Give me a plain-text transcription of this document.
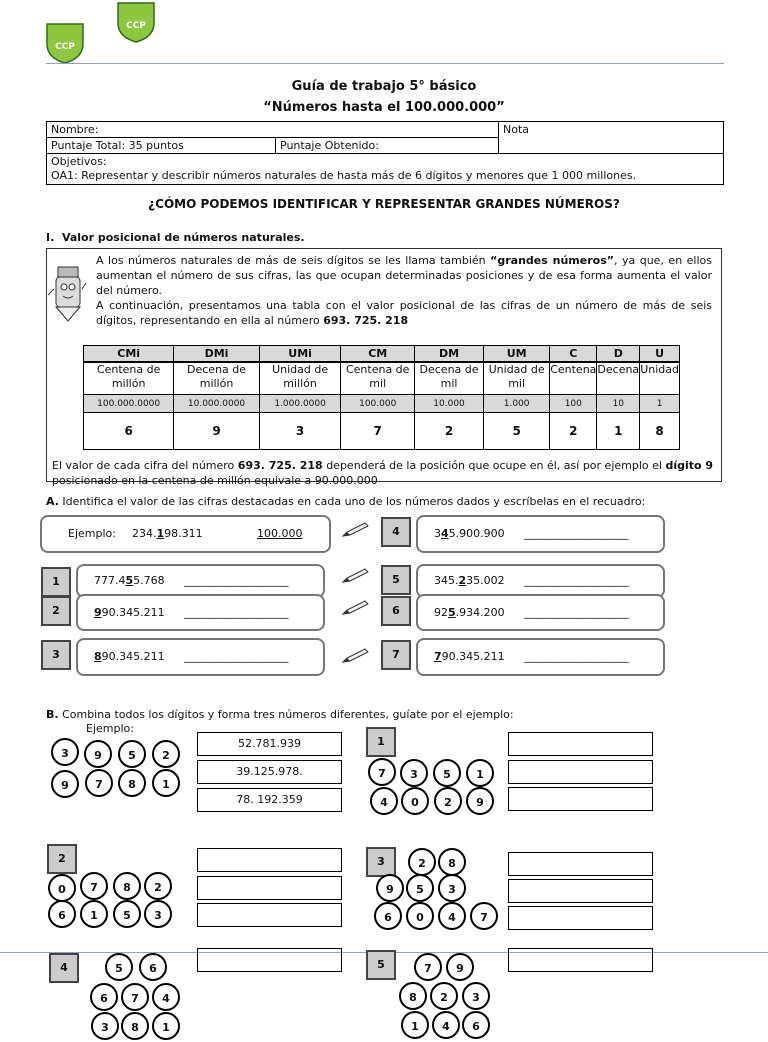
CCP
CCP
Guía de trabajo 5° básico
“Números hasta el 100.000.000”
Nombre:		Nota
Puntaje Total: 35 puntos	Puntaje Obtenido:	

Objetivos:
OA1: Representar y describir números naturales de hasta más de 6 dígitos y menores que 1 000 millones.		
¿CÓMO PODEMOS IDENTIFICAR Y REPRESENTAR GRANDES NÚMEROS?
I. Valor posicional de números naturales.
A los números naturales de más de seis dígitos se les llama también “grandes números”, ya que, en ellos aumentan el número de sus cifras, las que ocupan determinadas posiciones y de esa forma aumenta el valor del número.
A continuación, presentamos una tabla con el valor posicional de las cifras de un número de más de seis dígitos, representando en ella al número 693. 725. 218
CMi	DMi	UMi	CM	DM	UM	C	D	U
Centena de millón	Decena de millón	Unidad de millón	Centena de mil	Decena de mil	Unidad de mil	Centena	Decena	Unidad
100.000.0000	10.000.0000	1.000.0000	100.000	10.000	1.000	100	10	1
6	9	3	7	2	5	2	1	8
El valor de cada cifra del número 693. 725. 218 dependerá de la posición que ocupe en él, así por ejemplo el dígito 9 posicionado en la centena de millón equivale a 90.000.000
A. Identifica el valor de las cifras destacadas en cada uno de los números dados y escríbelas en el recuadro:
Ejemplo: 234.198.311	100.000	4	345.900.900 ___________________
1	777.455.768 ___________________	5	345.235.002 ___________________
2	990.345.211 ___________________	6	925.934.200 ___________________
3	890.345.211 ___________________	7	790.345.211 ___________________
B. Combina todos los dígitos y forma tres números diferentes, guíate por el ejemplo:
Ejemplo:
3	9	5	2
9	7	8	1
52.781.939
39.125.978.
78. 192.359
1
7	3	5	1
4	0	2	9
2
0	7	8	2
6	1	5	3
3	2	8
9	5	3
6	0	4	7
4	5	6
6	7	4
3	8	1
5	7	9
8	2	3
1	4	6
